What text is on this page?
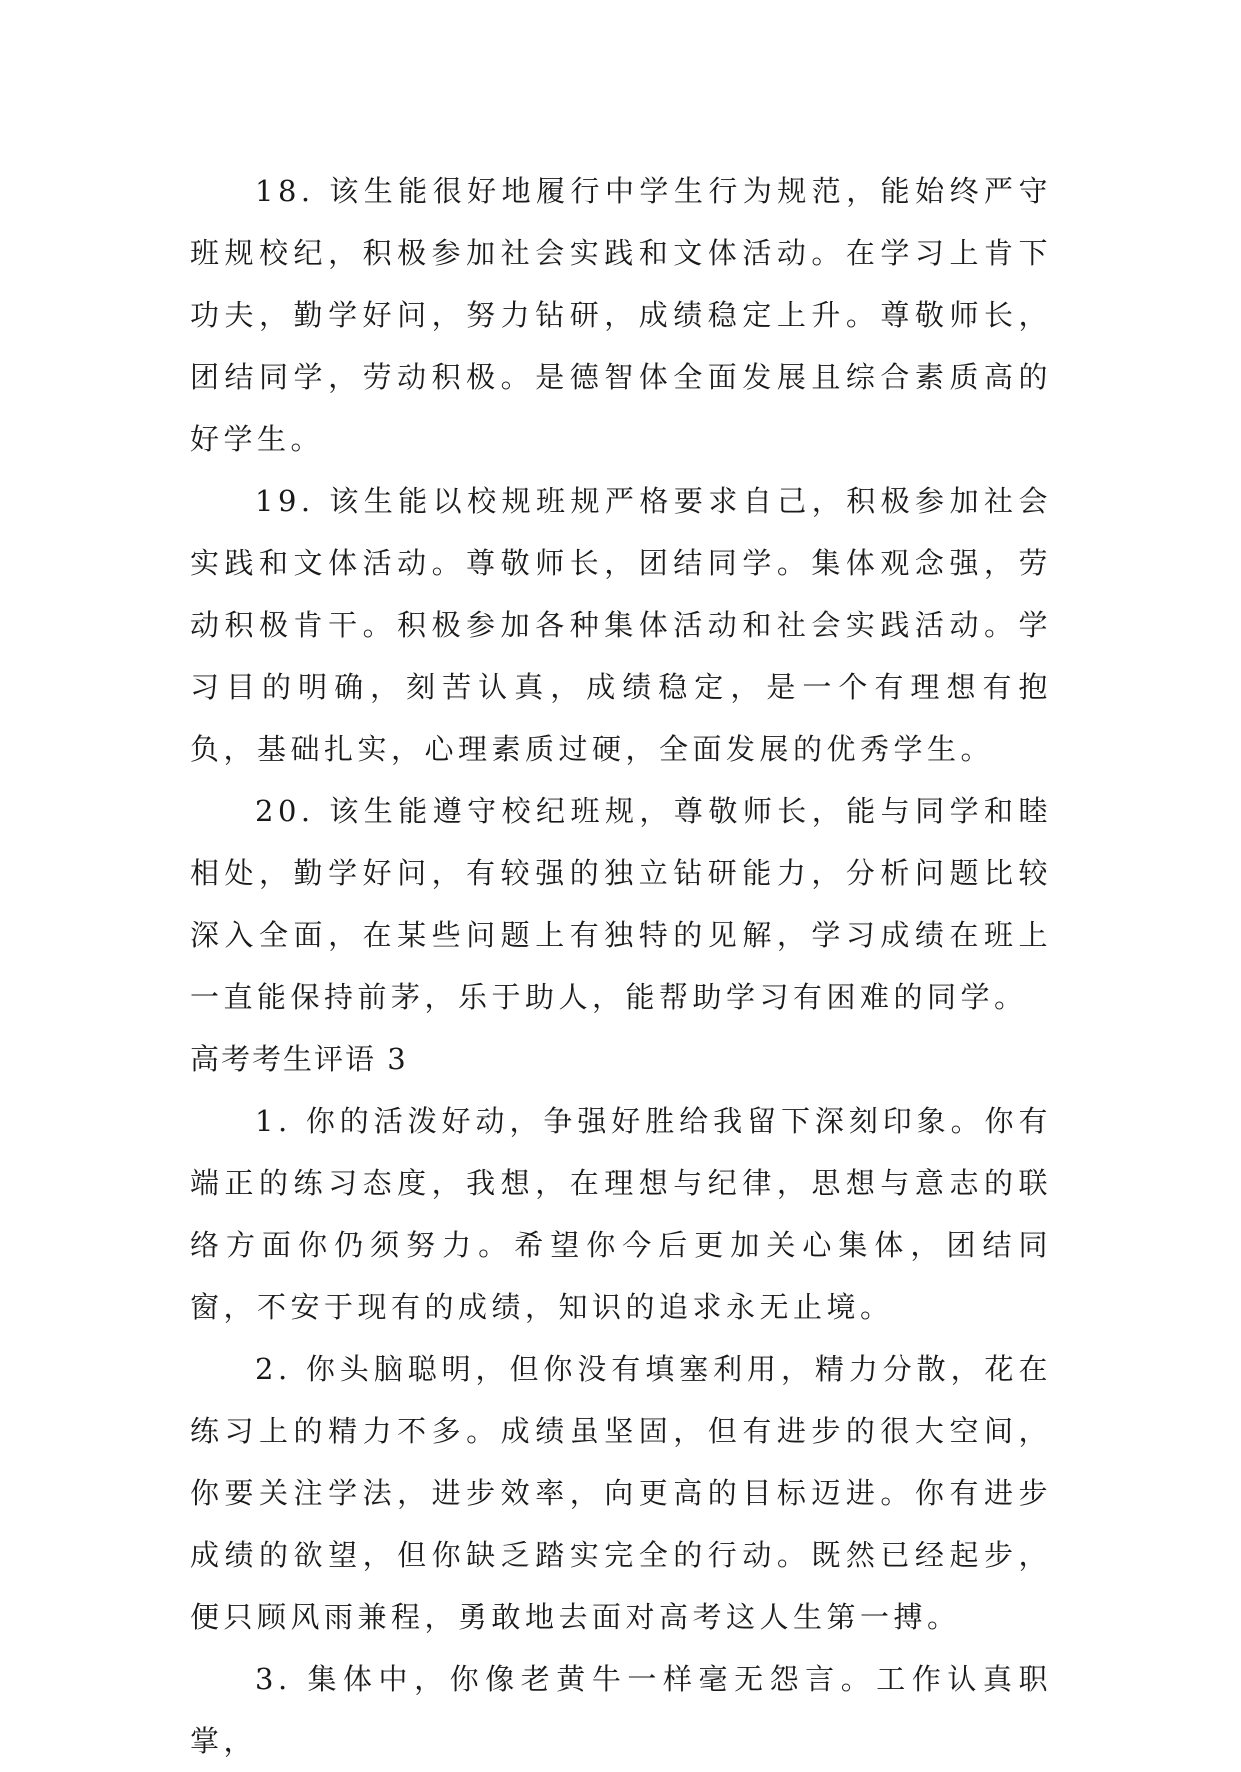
18. 该生能很好地履行中学生行为规范，能始终严守班规校纪，积极参加社会实践和文体活动。在学习上肯下功夫，勤学好问，努力钻研，成绩稳定上升。尊敬师长，团结同学，劳动积极。是德智体全面发展且综合素质高的好学生。

19. 该生能以校规班规严格要求自己，积极参加社会实践和文体活动。尊敬师长，团结同学。集体观念强，劳动积极肯干。积极参加各种集体活动和社会实践活动。学习目的明确，刻苦认真，成绩稳定，是一个有理想有抱负，基础扎实，心理素质过硬，全面发展的优秀学生。

20. 该生能遵守校纪班规，尊敬师长，能与同学和睦相处，勤学好问，有较强的独立钻研能力，分析问题比较深入全面，在某些问题上有独特的见解，学习成绩在班上一直能保持前茅，乐于助人，能帮助学习有困难的同学。

高考考生评语 3

1. 你的活泼好动，争强好胜给我留下深刻印象。你有端正的练习态度，我想，在理想与纪律，思想与意志的联络方面你仍须努力。希望你今后更加关心集体，团结同窗，不安于现有的成绩，知识的追求永无止境。

2. 你头脑聪明，但你没有填塞利用，精力分散，花在练习上的精力不多。成绩虽坚固，但有进步的很大空间，你要关注学法，进步效率，向更高的目标迈进。你有进步成绩的欲望，但你缺乏踏实完全的行动。既然已经起步，便只顾风雨兼程，勇敢地去面对高考这人生第一搏。

3. 集体中，你像老黄牛一样毫无怨言。工作认真职掌，
